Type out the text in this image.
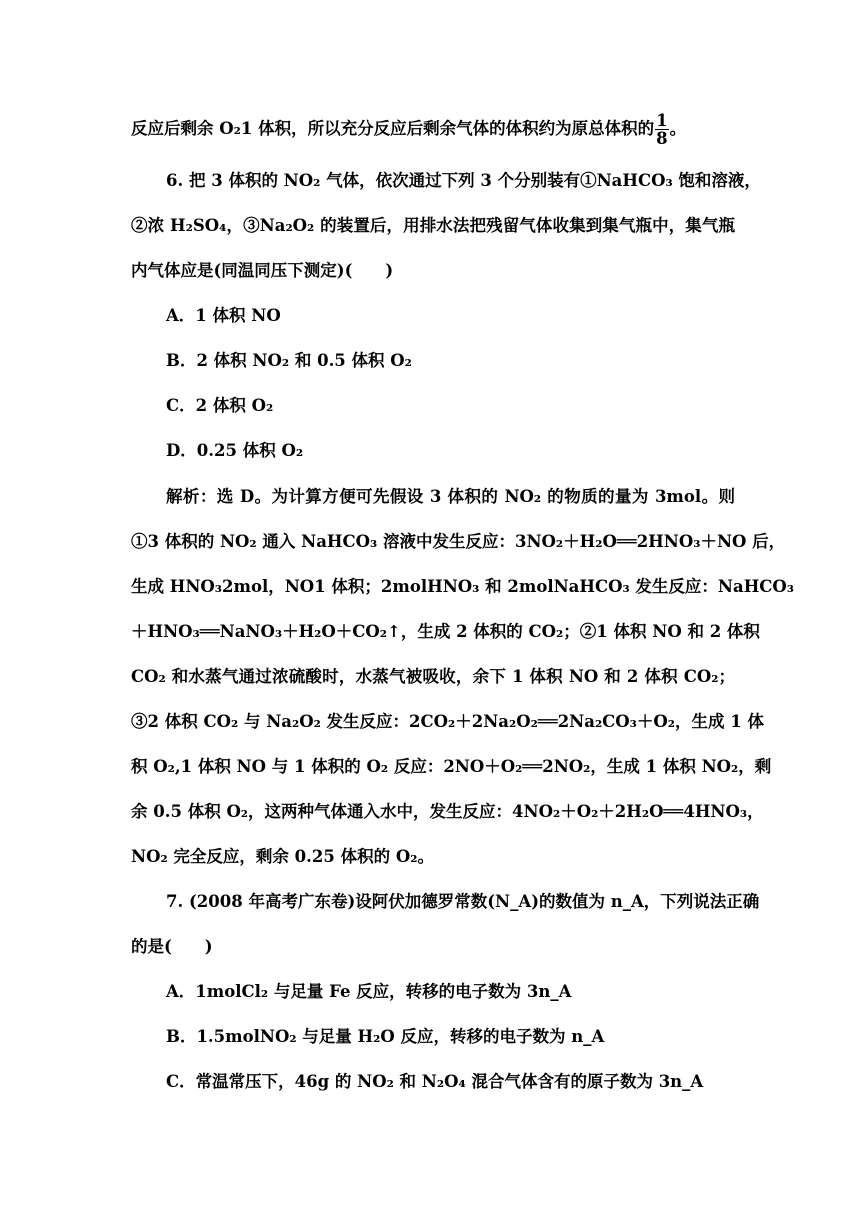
反应后剩余 O₂1 体积，所以充分反应后剩余气体的体积约为原总体积的 $\frac{1}{8}$ 。
6. 把 3 体积的 NO₂ 气体，依次通过下列 3 个分别装有①NaHCO₃ 饱和溶液，
②浓 H₂SO₄，③Na₂O₂ 的装置后，用排水法把残留气体收集到集气瓶中，集气瓶
内气体应是(同温同压下测定)(　　)
A．1 体积 NO
B．2 体积 NO₂ 和 0.5 体积 O₂
C．2 体积 O₂
D．0.25 体积 O₂
解析：选 D。为计算方便可先假设 3 体积的 NO₂ 的物质的量为 3mol。则
①3 体积的 NO₂ 通入 NaHCO₃ 溶液中发生反应：3NO₂＋H₂O══2HNO₃＋NO 后，
生成 HNO₃2mol，NO1 体积；2molHNO₃ 和 2molNaHCO₃ 发生反应：NaHCO₃
＋HNO₃══NaNO₃＋H₂O＋CO₂↑，生成 2 体积的 CO₂；②1 体积 NO 和 2 体积
CO₂ 和水蒸气通过浓硫酸时，水蒸气被吸收，余下 1 体积 NO 和 2 体积 CO₂；
③2 体积 CO₂ 与 Na₂O₂ 发生反应：2CO₂＋2Na₂O₂══2Na₂CO₃＋O₂，生成 1 体
积 O₂,1 体积 NO 与 1 体积的 O₂ 反应：2NO＋O₂══2NO₂，生成 1 体积 NO₂，剩
余 0.5 体积 O₂，这两种气体通入水中，发生反应：4NO₂＋O₂＋2H₂O══4HNO₃，
NO₂ 完全反应，剩余 0.25 体积的 O₂。
7. (2008 年高考广东卷)设阿伏加德罗常数(N_A)的数值为 n_A，下列说法正确
的是(　　)
A．1molCl₂ 与足量 Fe 反应，转移的电子数为 3n_A
B．1.5molNO₂ 与足量 H₂O 反应，转移的电子数为 n_A
C．常温常压下，46g 的 NO₂ 和 N₂O₄ 混合气体含有的原子数为 3n_A
